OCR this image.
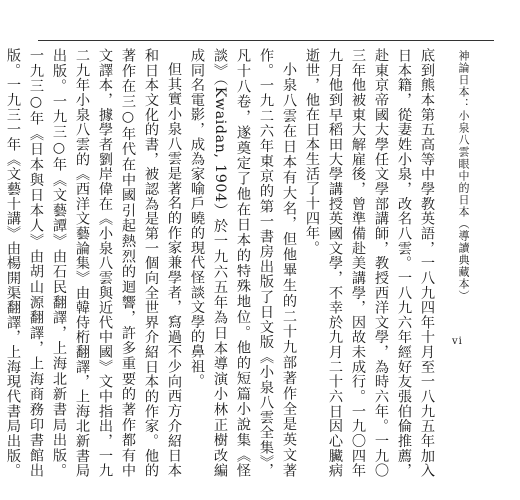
神論日本：小泉八雲眼中的日本（導讀典藏本）
vi

底到熊本第五高等中學教英語，一八九四年十月至一八九五年加入日本籍，從妻姓小泉，改名八雲。一八九六年經好友張伯倫推薦，赴東京帝國大學任文學部講師，教授西洋文學，為時六年。一九〇三年他被東大解雇後，曾準備赴美講學，因故未成行。一九〇四年九月他到早稻田大學講授英國文學，不幸於九月二十六日因心臟病逝世，他在日本生活了十四年。

小泉八雲在日本有大名，但他畢生的二十九部著作全是英文著作。一九二六年東京的第一書房出版了日文版《小泉八雲全集》，凡十八卷，遂奠定了他在日本的特殊地位。他的短篇小說集《怪談》（Kwaidan, 1904）於一九六五年為日本導演小林正樹改編成同名電影，成為家喻戶曉的現代怪談文學的鼻祖。

但其實小泉八雲是著名的作家兼學者，寫過不少向西方介紹日本和日本文化的書，被認為是第一個向全世界介紹日本的作家。他的著作在三○年代在中國引起熱烈的迴響，許多重要的著作都有中文譯本，據學者劉岸偉在《小泉八雲與近代中國》文中指出，一九二九年小泉八雲的《西洋文藝論集》由韓侍桁翻譯，上海北新書局出版。一九三○年《文藝譚》由石民翻譯，上海北新書局出版。一九三○年《日本與日本人》由胡山源翻譯，上海商務印書館出版。一九三一年《文藝十講》由楊開渠翻譯，上海現代書局出版。
